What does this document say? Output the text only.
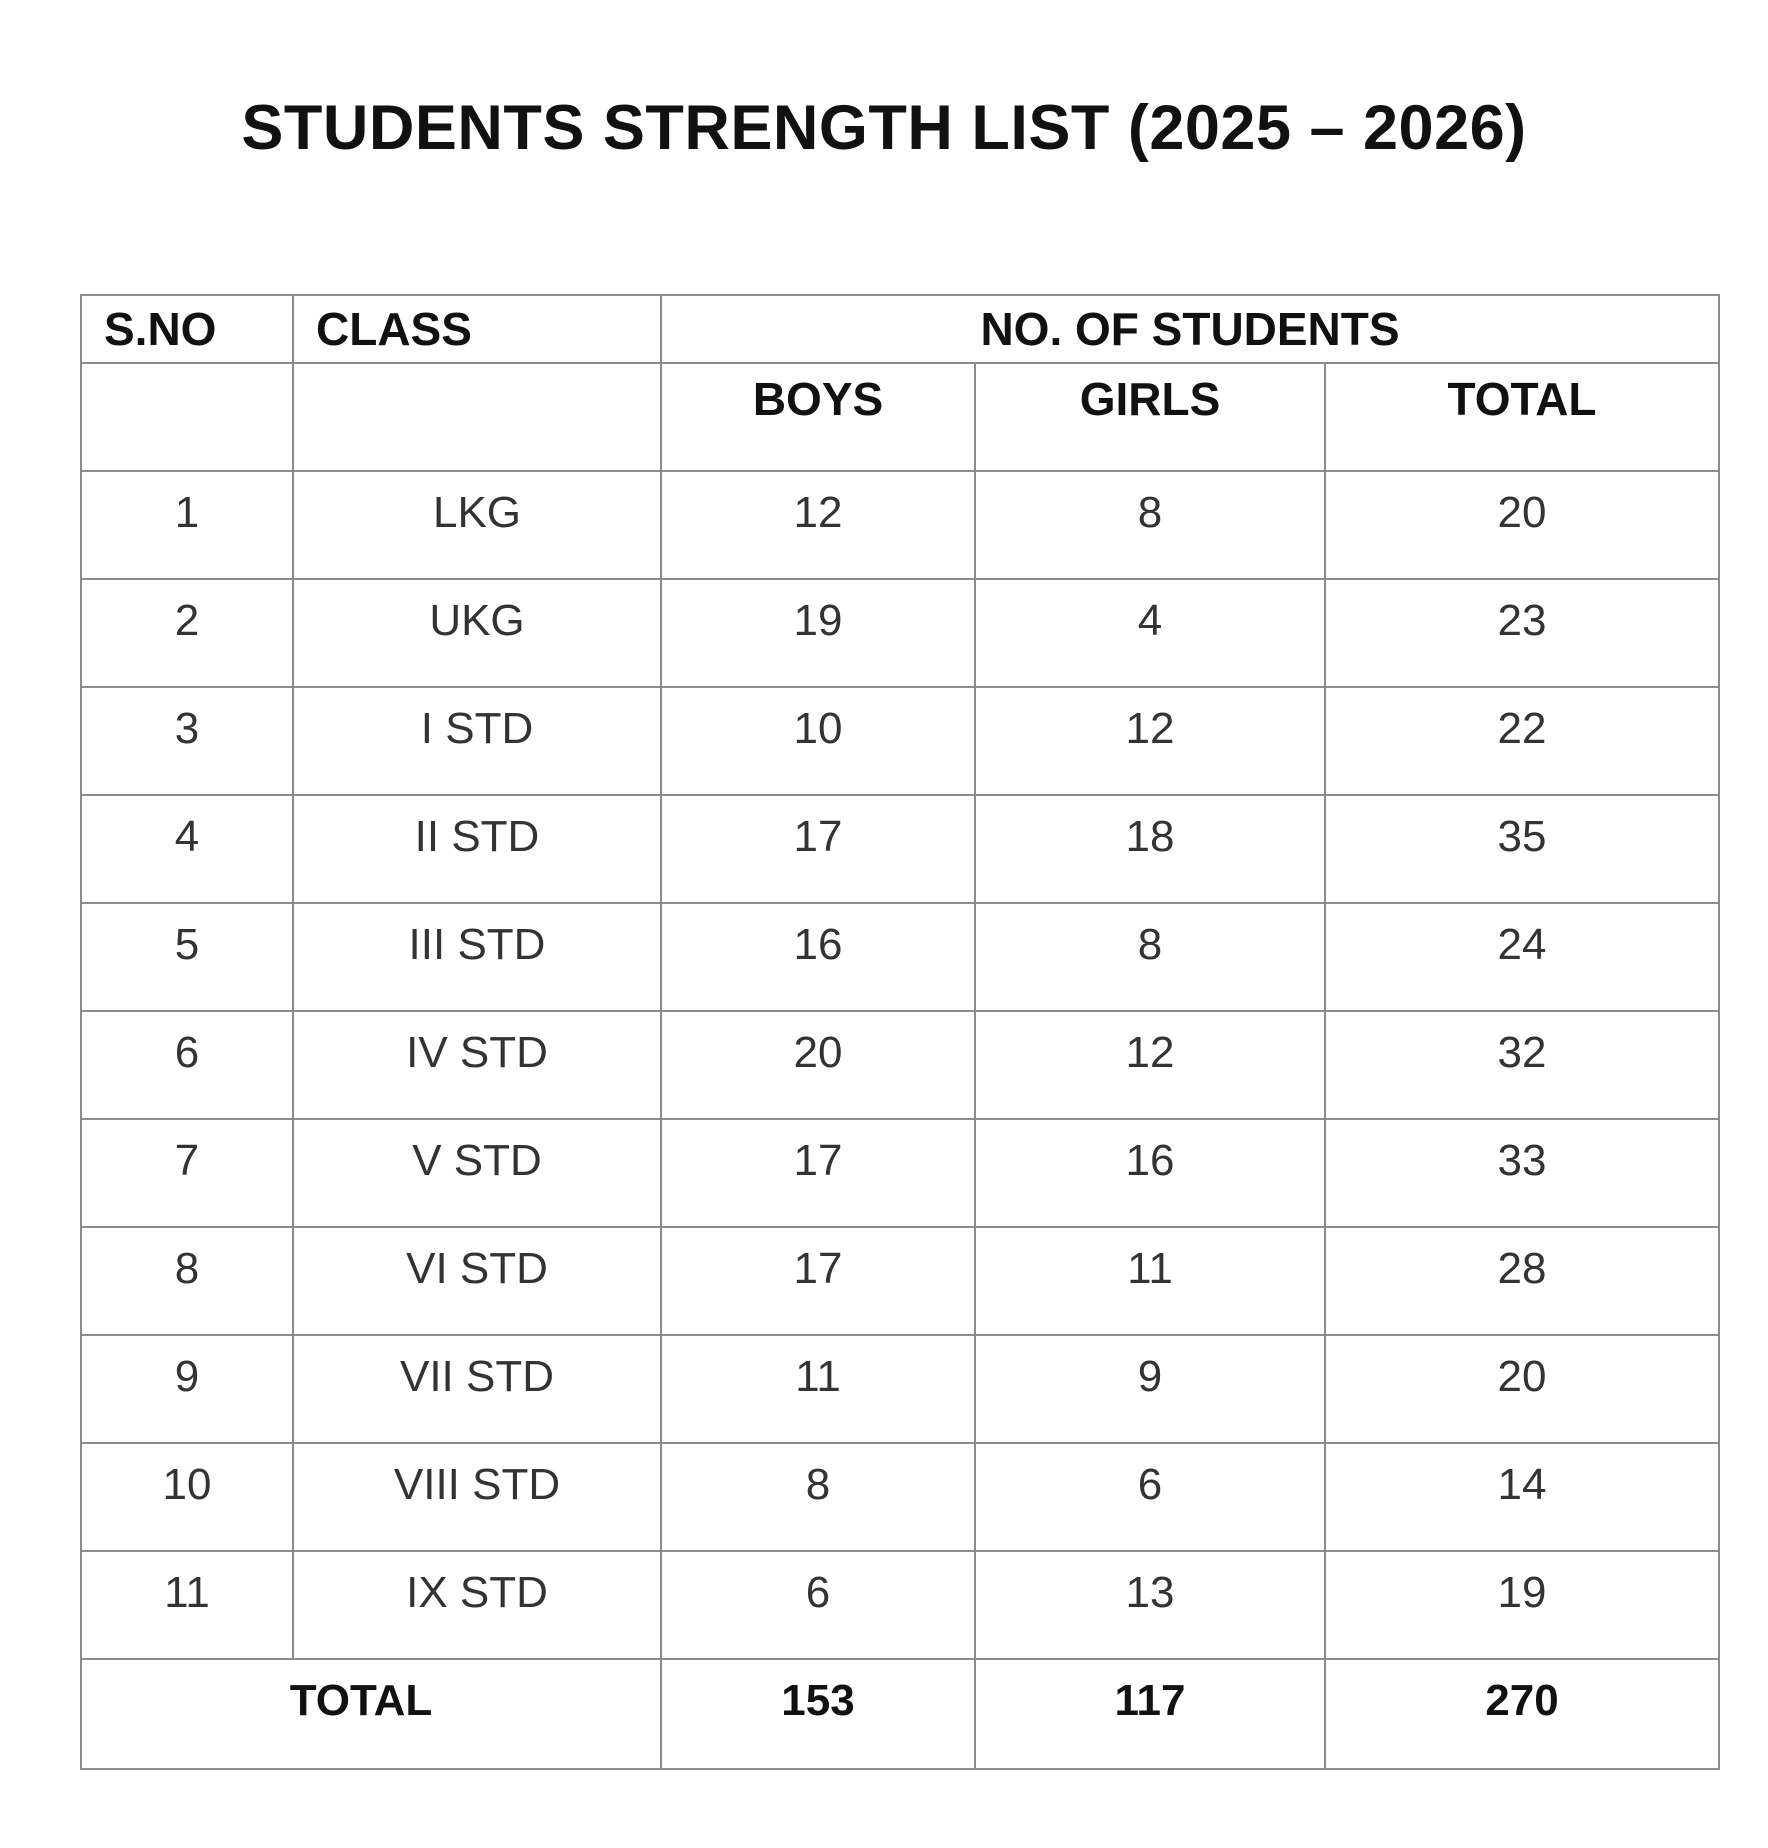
STUDENTS STRENGTH LIST (2025 – 2026)
S.NO	CLASS	NO. OF STUDENTS		
		BOYS	GIRLS	TOTAL
1	LKG	12	8	20
2	UKG	19	4	23
3	I STD	10	12	22
4	II STD	17	18	35
5	III STD	16	8	24
6	IV STD	20	12	32
7	V STD	17	16	33
8	VI STD	17	11	28
9	VII STD	11	9	20
10	VIII STD	8	6	14
11	IX STD	6	13	19
TOTAL		153	117	270
